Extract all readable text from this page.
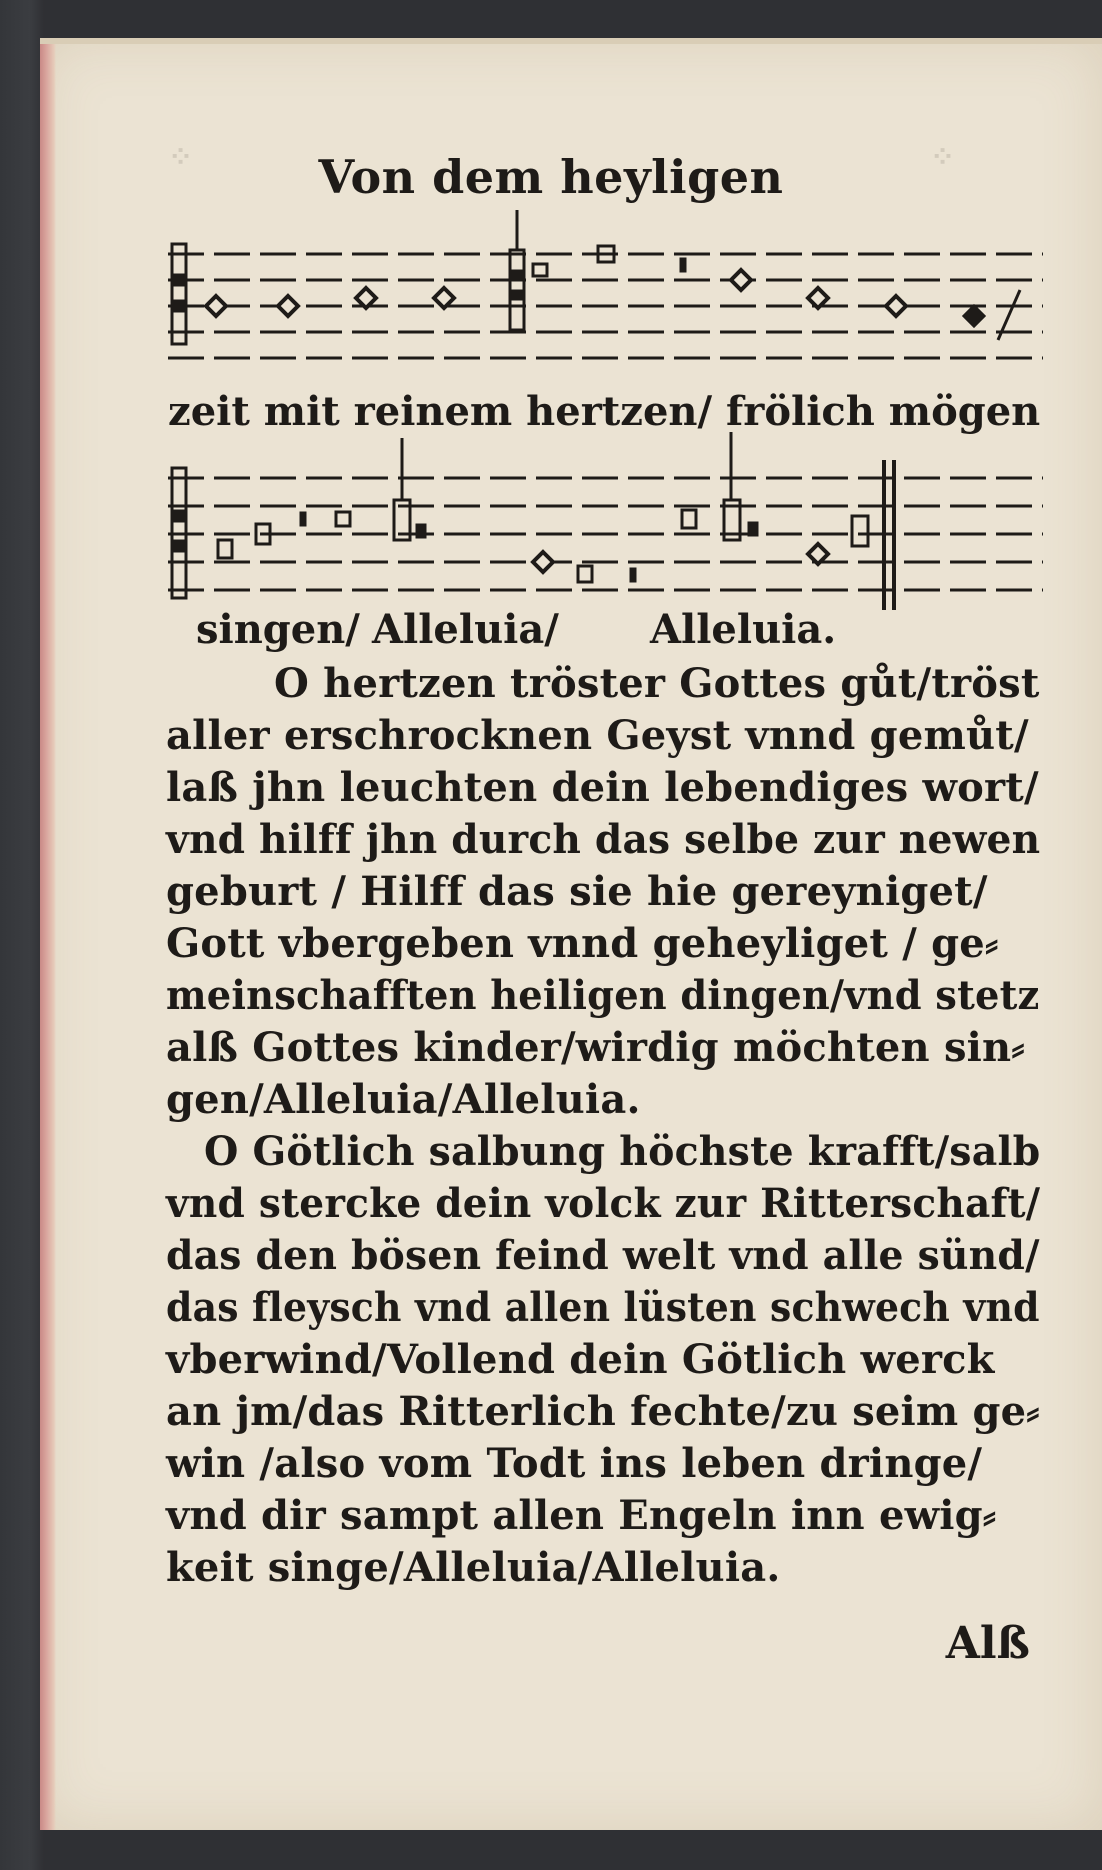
⁘	⁘
Von dem heyligen
zeit mit reinem hertzen/ frölich mögen
singen/ Alleluia/ Alleluia.
O hertzen tröster Gottes gůt/tröst
aller erschrocknen Geyst vnnd gemůt/
laß jhn leuchten dein lebendiges wort/
vnd hilff jhn durch das selbe zur newen
geburt / Hilff das sie hie gereyniget/
Gott vbergeben vnnd geheyliget / ge⸗
meinschafften heiligen dingen/vnd stetz
alß Gottes kinder/wirdig möchten sin⸗
gen/Alleluia/Alleluia.
O Götlich salbung höchste krafft/salb
vnd stercke dein volck zur Ritterschaft/
das den bösen feind welt vnd alle sünd/
das fleysch vnd allen lüsten schwech vnd
vberwind/Vollend dein Götlich werck
an jm/das Ritterlich fechte/zu seim ge⸗
win /also vom Todt ins leben dringe/
vnd dir sampt allen Engeln inn ewig⸗
keit singe/Alleluia/Alleluia.
Alß
